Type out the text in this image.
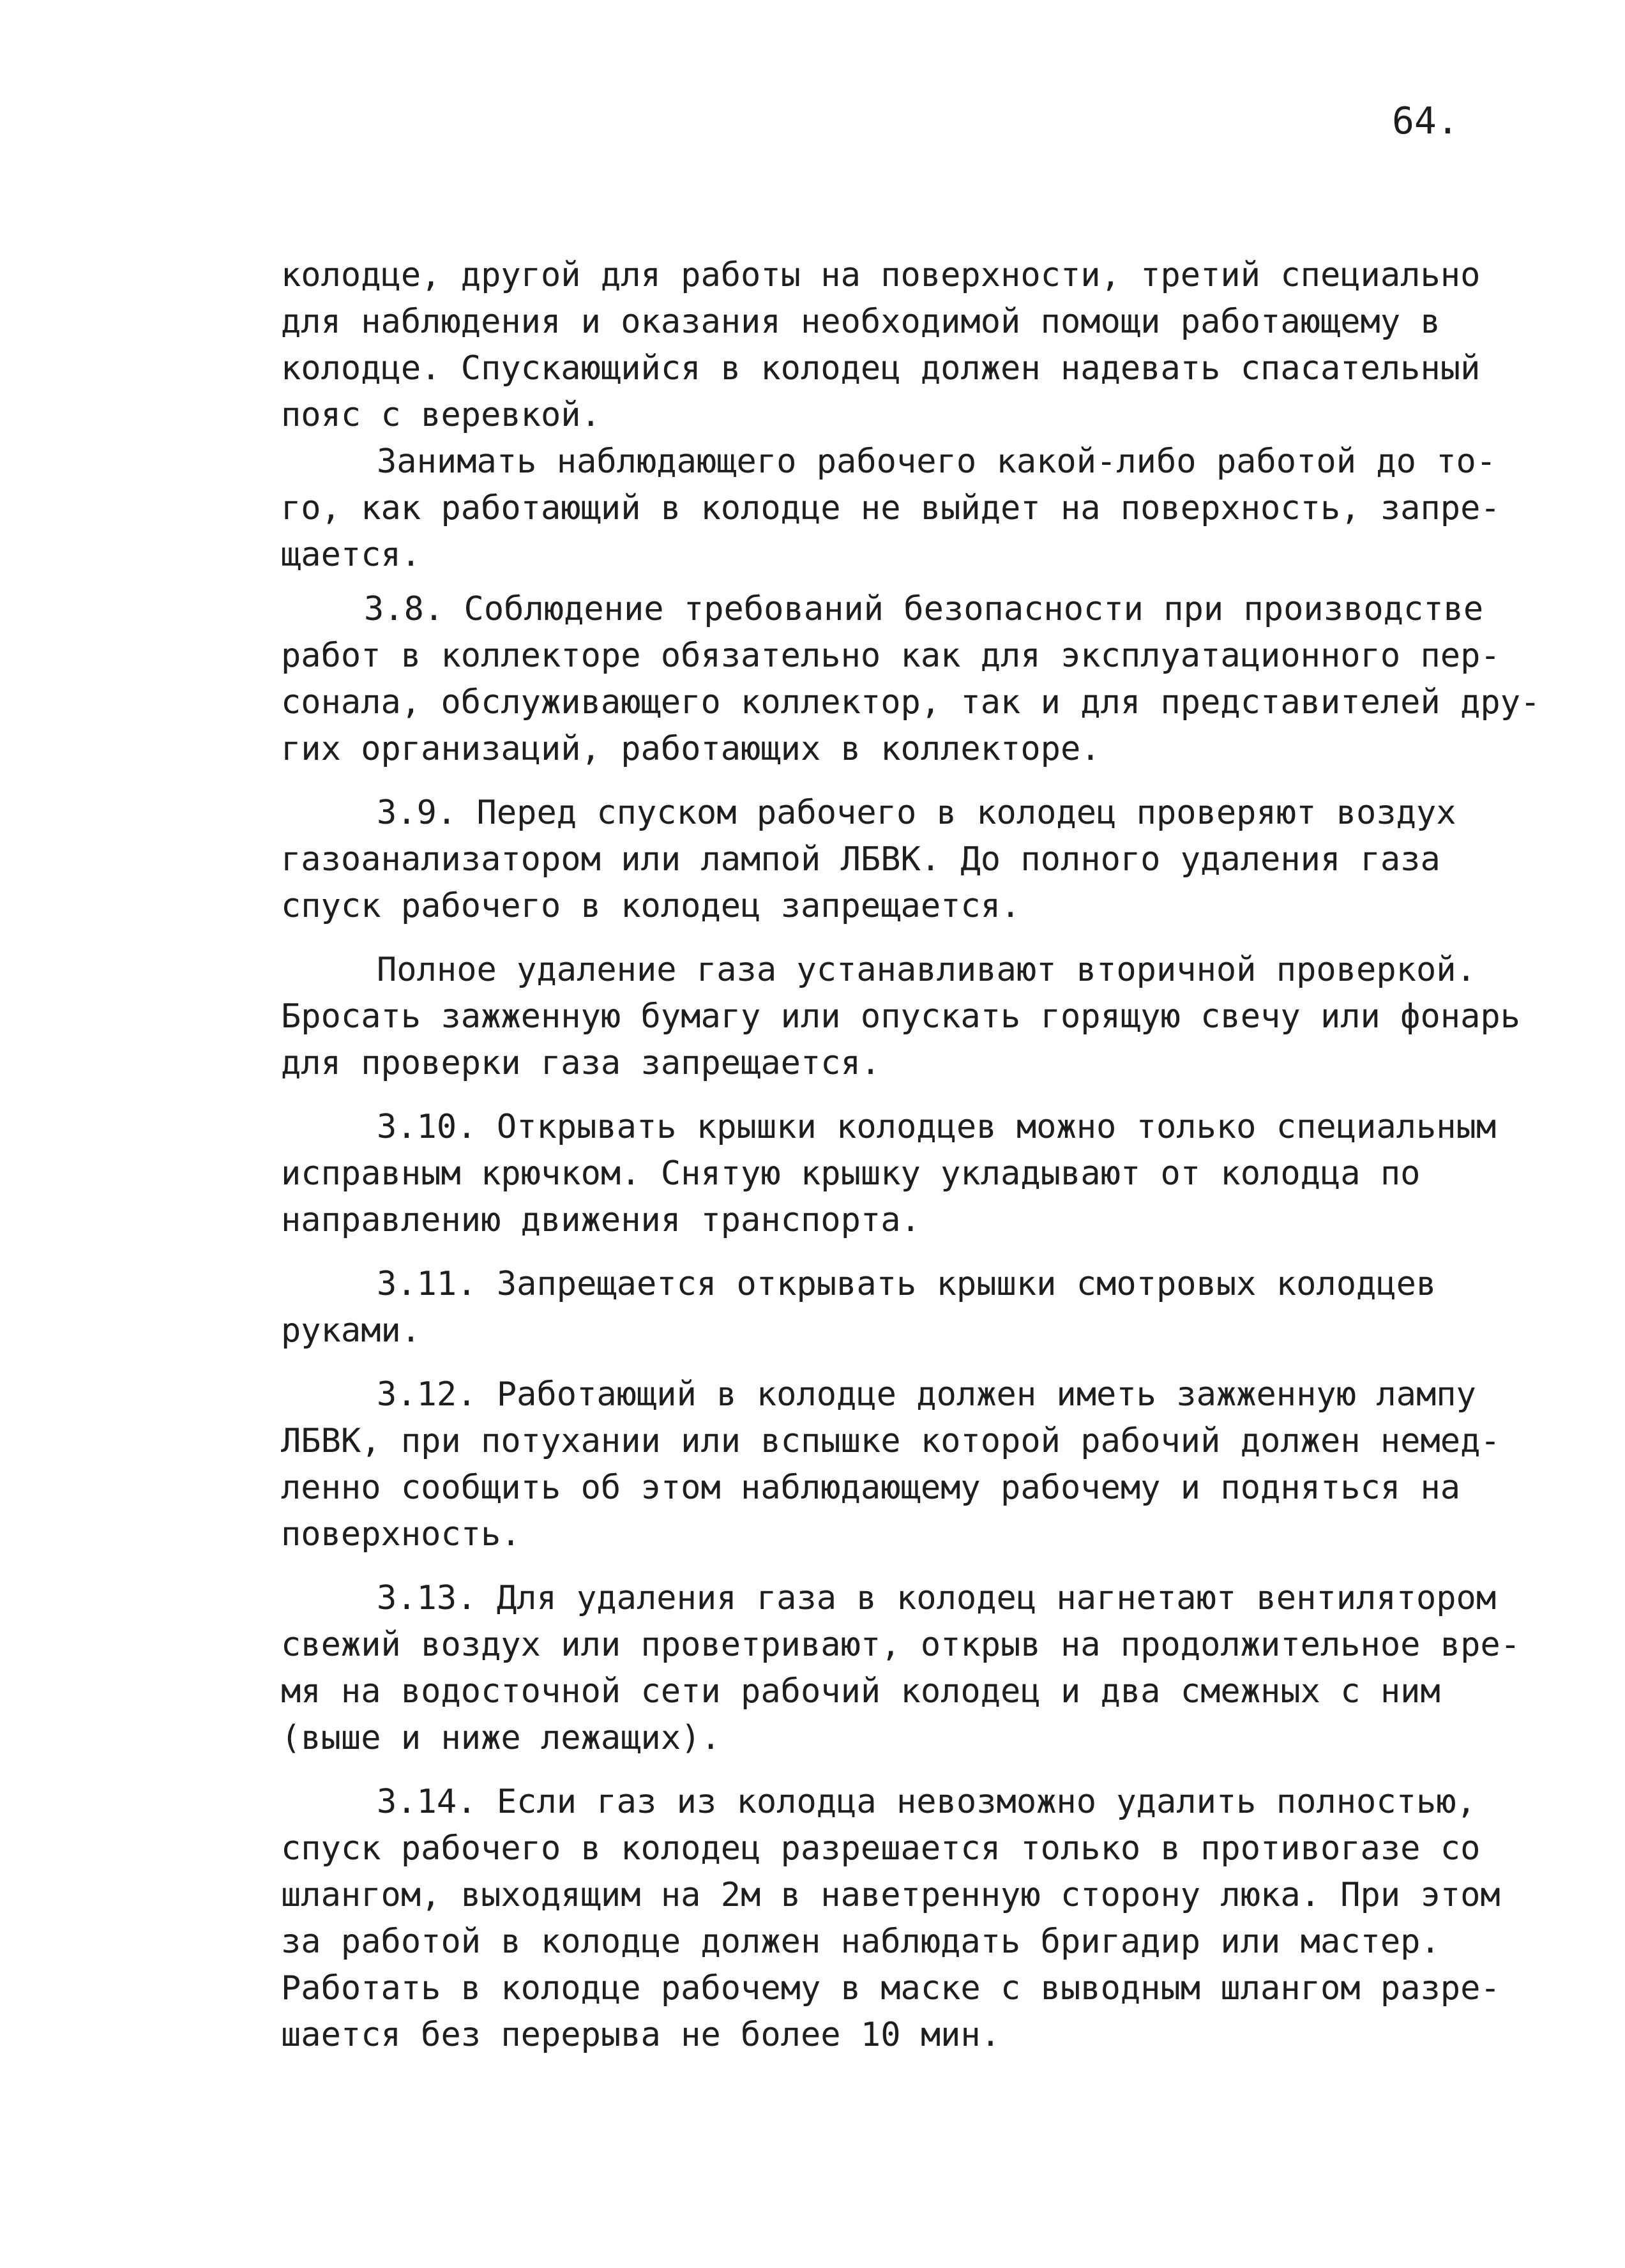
64.
колодце, другой для работы на поверхности, третий специально
для наблюдения и оказания необходимой помощи работающему в
колодце. Спускающийся в колодец должен надевать спасательный
пояс с веревкой.
Занимать наблюдающего рабочего какой-либо работой до то-
го, как работающий в колодце не выйдет на поверхность, запре-
щается.
3.8. Соблюдение требований безопасности при производстве
работ в коллекторе обязательно как для эксплуатационного пер-
сонала, обслуживающего коллектор, так и для представителей дру-
гих организаций, работающих в коллекторе.
3.9. Перед спуском рабочего в колодец проверяют воздух
газоанализатором или лампой ЛБВК. До полного удаления газа
спуск рабочего в колодец запрещается.
Полное удаление газа устанавливают вторичной проверкой.
Бросать зажженную бумагу или опускать горящую свечу или фонарь
для проверки газа запрещается.
3.10. Открывать крышки колодцев можно только специальным
исправным крючком. Снятую крышку укладывают от колодца по
направлению движения транспорта.
3.11. Запрещается открывать крышки смотровых колодцев
руками.
3.12. Работающий в колодце должен иметь зажженную лампу
ЛБВК, при потухании или вспышке которой рабочий должен немед-
ленно сообщить об этом наблюдающему рабочему и подняться на
поверхность.
3.13. Для удаления газа в колодец нагнетают вентилятором
свежий воздух или проветривают, открыв на продолжительное вре-
мя на водосточной сети рабочий колодец и два смежных с ним
(выше и ниже лежащих).
3.14. Если газ из колодца невозможно удалить полностью,
спуск рабочего в колодец разрешается только в противогазе со
шлангом, выходящим на 2м в наветренную сторону люка. При этом
за работой в колодце должен наблюдать бригадир или мастер.
Работать в колодце рабочему в маске с выводным шлангом разре-
шается без перерыва не более 10 мин.
